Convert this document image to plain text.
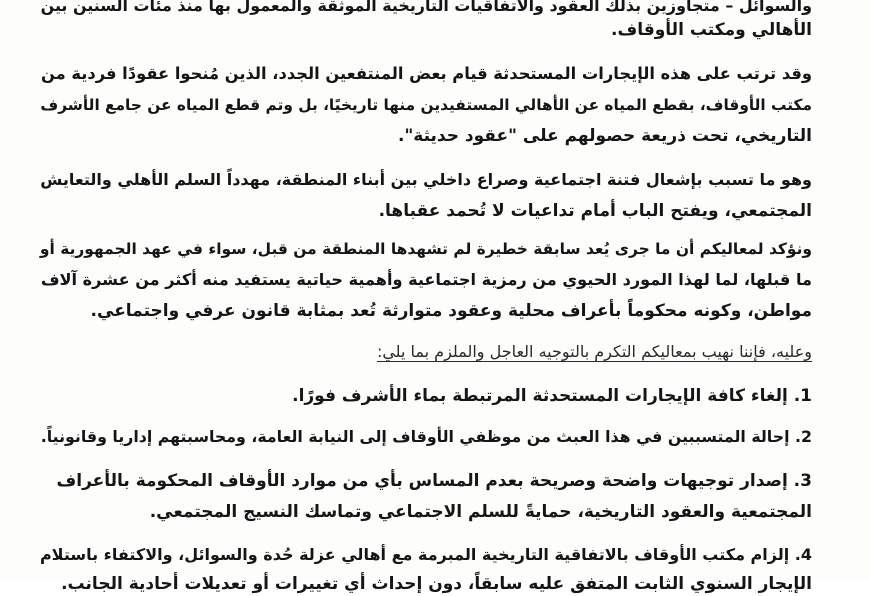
والسوائل – متجاوزين بذلك العقود والاتفاقيات التاريخية الموثقة والمعمول بها منذ مئات السنين بين
الأهالي ومكتب الأوقاف.
وقد ترتب على هذه الإيجارات المستحدثة قيام بعض المنتفعين الجدد، الذين مُنحوا عقودًا فردية من
مكتب الأوقاف، بقطع المياه عن الأهالي المستفيدين منها تاريخيًا، بل وتم قطع المياه عن جامع الأشرف
التاريخي، تحت ذريعة حصولهم على "عقود حديثة".
وهو ما تسبب بإشعال فتنة اجتماعية وصراع داخلي بين أبناء المنطقة، مهدداً السلم الأهلي والتعايش
المجتمعي، ويفتح الباب أمام تداعيات لا تُحمد عقباها.
ونؤكد لمعاليكم أن ما جرى يُعد سابقة خطيرة لم تشهدها المنطقة من قبل، سواء في عهد الجمهورية أو
ما قبلها، لما لهذا المورد الحيوي من رمزية اجتماعية وأهمية حياتية يستفيد منه أكثر من عشرة آلاف
مواطن، وكونه محكوماً بأعراف محلية وعقود متوارثة تُعد بمثابة قانون عرفي واجتماعي.
وعليه، فإننا نهيب بمعاليكم التكرم بالتوجيه العاجل والملزم بما يلي:
1. إلغاء كافة الإيجارات المستحدثة المرتبطة بماء الأشرف فورًا.
2. إحالة المتسببين في هذا العبث من موظفي الأوقاف إلى النيابة العامة، ومحاسبتهم إداريا وقانونياً.
3. إصدار توجيهات واضحة وصريحة بعدم المساس بأي من موارد الأوقاف المحكومة بالأعراف
المجتمعية والعقود التاريخية، حمايةً للسلم الاجتماعي وتماسك النسيج المجتمعي.
4. إلزام مكتب الأوقاف بالاتفاقية التاريخية المبرمة مع أهالي عزلة حُدة والسوائل، والاكتفاء باستلام
الإيجار السنوي الثابت المتفق عليه سابقاً، دون إحداث أي تغييرات أو تعديلات أحادية الجانب.
